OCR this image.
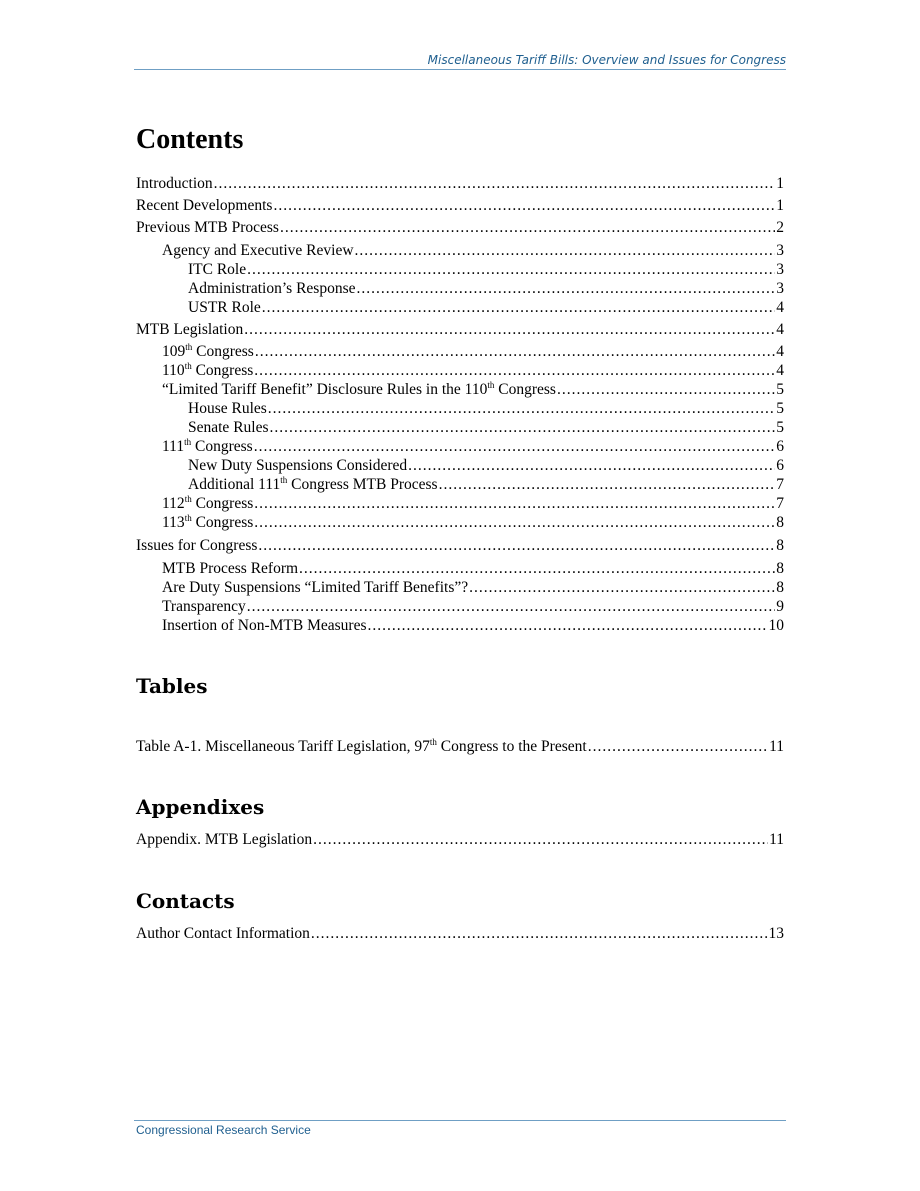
Miscellaneous Tariff Bills: Overview and Issues for Congress
Contents
Introduction .....	1
Recent Developments .....	1
Previous MTB Process .....	2
Agency and Executive Review .....	3
ITC Role .....	3
Administration’s Response .....	3
USTR Role .....	4
MTB Legislation .....	4
109th Congress .....	4
110th Congress .....	4
“Limited Tariff Benefit” Disclosure Rules in the 110th Congress .....	5
House Rules .....	5
Senate Rules .....	5
111th Congress .....	6
New Duty Suspensions Considered .....	6
Additional 111th Congress MTB Process .....	7
112th Congress .....	7
113th Congress .....	8
Issues for Congress .....	8
MTB Process Reform .....	8
Are Duty Suspensions “Limited Tariff Benefits”? .....	8
Transparency .....	9
Insertion of Non-MTB Measures .....	10
Tables
Table A-1. Miscellaneous Tariff Legislation, 97th Congress to the Present .....	11
Appendixes
Appendix. MTB Legislation .....	11
Contacts
Author Contact Information .....	13
Congressional Research Service
